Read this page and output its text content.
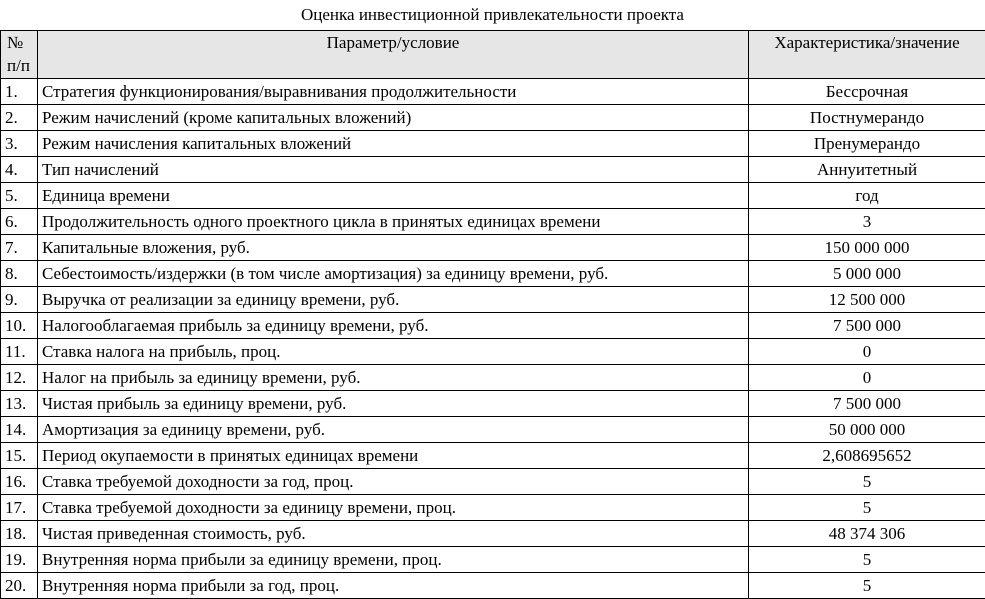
Оценка инвестиционной привлекательности проекта
№
п/п	Параметр/условие	Характеристика/значение
1.	Стратегия функционирования/выравнивания продолжительности	Бессрочная
2.	Режим начислений (кроме капитальных вложений)	Постнумерандо
3.	Режим начисления капитальных вложений	Пренумерандо
4.	Тип начислений	Аннуитетный
5.	Единица времени	год
6.	Продолжительность одного проектного цикла в принятых единицах времени	3
7.	Капитальные вложения, руб.	150 000 000
8.	Себестоимость/издержки (в том числе амортизация) за единицу времени, руб.	5 000 000
9.	Выручка от реализации за единицу времени, руб.	12 500 000
10.	Налогооблагаемая прибыль за единицу времени, руб.	7 500 000
11.	Ставка налога на прибыль, проц.	0
12.	Налог на прибыль за единицу времени, руб.	0
13.	Чистая прибыль за единицу времени, руб.	7 500 000
14.	Амортизация за единицу времени, руб.	50 000 000
15.	Период окупаемости в принятых единицах времени	2,608695652
16.	Ставка требуемой доходности за год, проц.	5
17.	Ставка требуемой доходности за единицу времени, проц.	5
18.	Чистая приведенная стоимость, руб.	48 374 306
19.	Внутренняя норма прибыли за единицу времени, проц.	5
20.	Внутренняя норма прибыли за год, проц.	5
